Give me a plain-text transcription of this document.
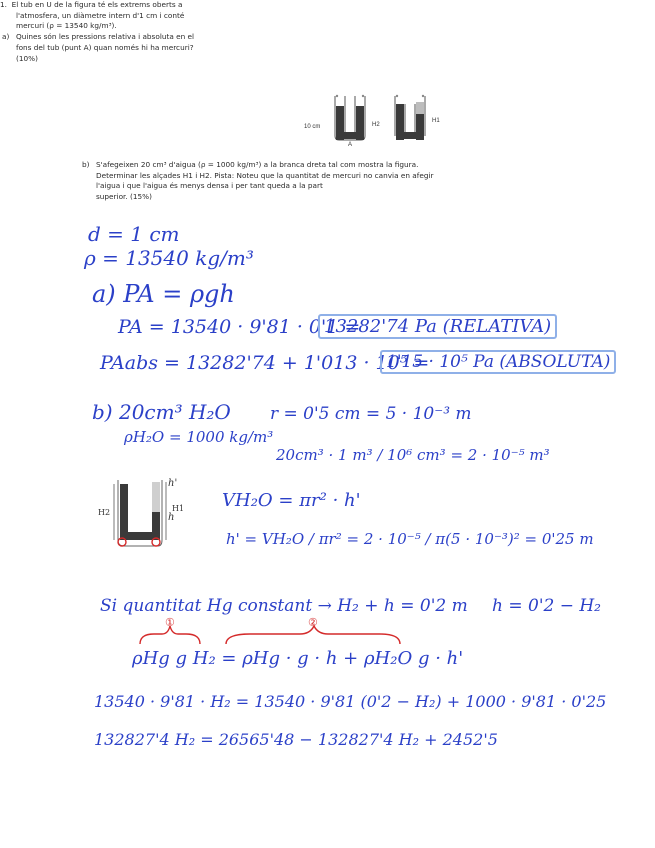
1. El tub en U de la figura té els extrems oberts a

l'atmosfera, un diàmetre intern d'1 cm i conté

mercuri (ρ = 13540 kg/m³).

a) Quines són les pressions relativa i absoluta en el

fons del tub (punt A) quan només hi ha mercuri?

(10%)

b) S'afegeixen 20 cm³ d'aigua (ρ = 1000 kg/m³) a la branca dreta tal com mostra la figura.

Determinar les alçades H1 i H2. Pista: Noteu que la quantitat de mercuri no canvia en afegir

l'aigua i que l'aigua és menys densa i per tant queda a la part

superior. (15%)

10 cm
A
H2
H1
d = 1 cm
ρ = 13540 kg/m³
a) PA = ρgh
PA = 13540 · 9'81 · 0'1 =
13282'74 Pa (RELATIVA)
PAabs = 13282'74 + 1'013 · 10⁵ =
1'15 · 10⁵ Pa (ABSOLUTA)
b) 20cm³ H₂O
ρH₂O = 1000 kg/m³
r = 0'5 cm = 5 · 10⁻³ m
20cm³ · 1 m³ / 10⁶ cm³ = 2 · 10⁻⁵ m³
H2	H1
h'
h
VH₂O = πr² · h'
h' = VH₂O / πr² = 2 · 10⁻⁵ / π(5 · 10⁻³)² = 0'25 m
Si quantitat Hg constant → H₂ + h = 0'2 m h = 0'2 − H₂
①	②
ρHg g H₂ = ρHg · g · h + ρH₂O g · h'
13540 · 9'81 · H₂ = 13540 · 9'81 (0'2 − H₂) + 1000 · 9'81 · 0'25
132827'4 H₂ = 26565'48 − 132827'4 H₂ + 2452'5
